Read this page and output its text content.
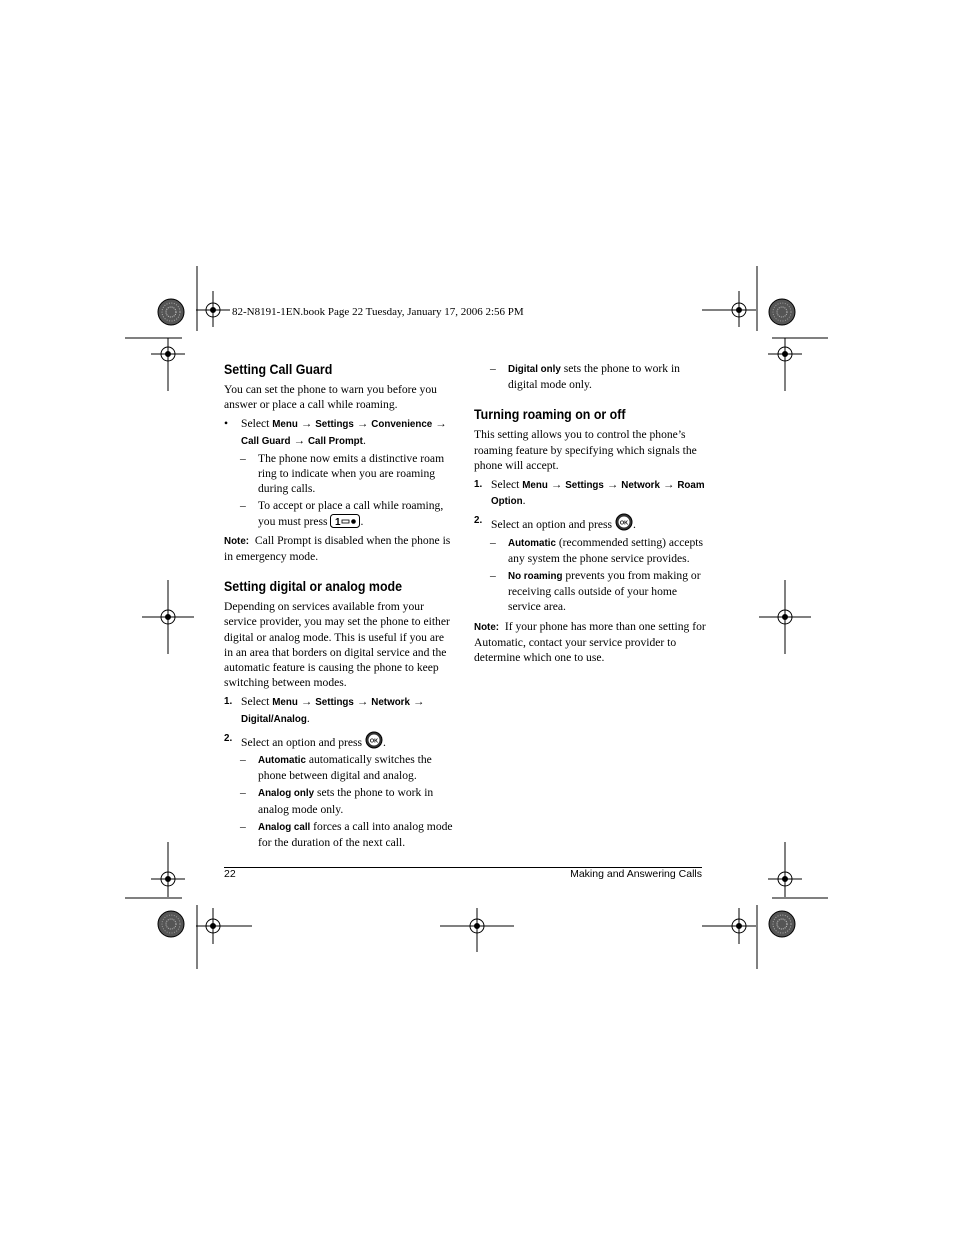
82-N8191-1EN.book Page 22 Tuesday, January 17, 2006 2:56 PM
Setting Call Guard

You can set the phone to warn you before you answer or place a call while roaming.

•	Select Menu → Settings → Convenience → Call Guard → Call Prompt.
–	The phone now emits a distinctive roam ring to indicate when you are roaming during calls.
–	To accept or place a call while roaming, you must press 1 .

Note: Call Prompt is disabled when the phone is in emergency mode.

Setting digital or analog mode

Depending on services available from your service provider, you may set the phone to either digital or analog mode. This is useful if you are in an area that borders on digital service and the automatic feature is causing the phone to keep switching between modes.

1. Select Menu → Settings → Network → Digital/Analog.
2. Select an option and press OK .
–	Automatic automatically switches the phone between digital and analog.
–	Analog only sets the phone to work in analog mode only.
–	Analog call forces a call into analog mode for the duration of the next call.
–	Digital only sets the phone to work in digital mode only.
Turning roaming on or off

This setting allows you to control the phone’s roaming feature by specifying which signals the phone will accept.

1. Select Menu → Settings → Network → Roam Option.
2. Select an option and press OK .
–	Automatic (recommended setting) accepts any system the phone service provides.
–	No roaming prevents you from making or receiving calls outside of your home service area.

Note: If your phone has more than one setting for Automatic, contact your service provider to determine which one to use.

22	Making and Answering Calls
